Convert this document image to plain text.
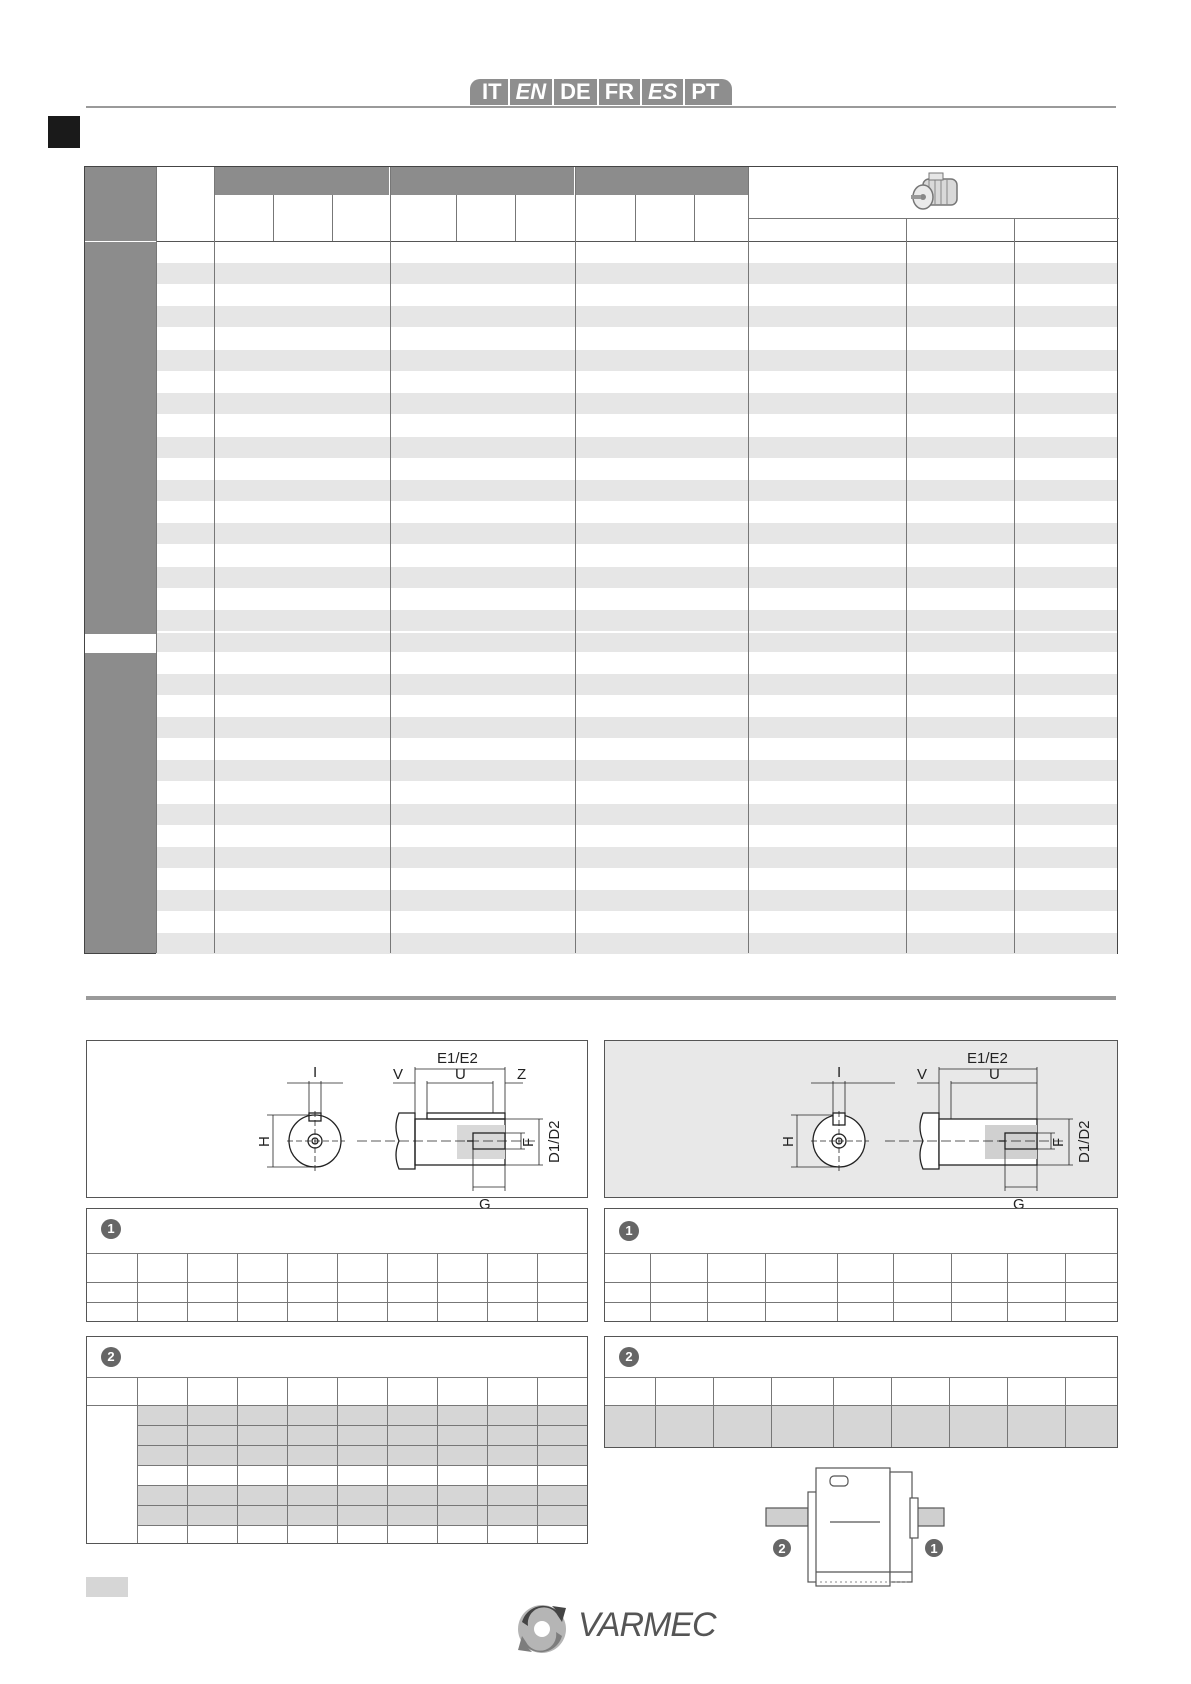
IT EN DE FR ES PT
E1/E2
I	V	U	Z
G
H	F D1/D2
E1/E2
I	V	U
G
H	F D1/D2
1	1
2	2
2	1
VARMEC
